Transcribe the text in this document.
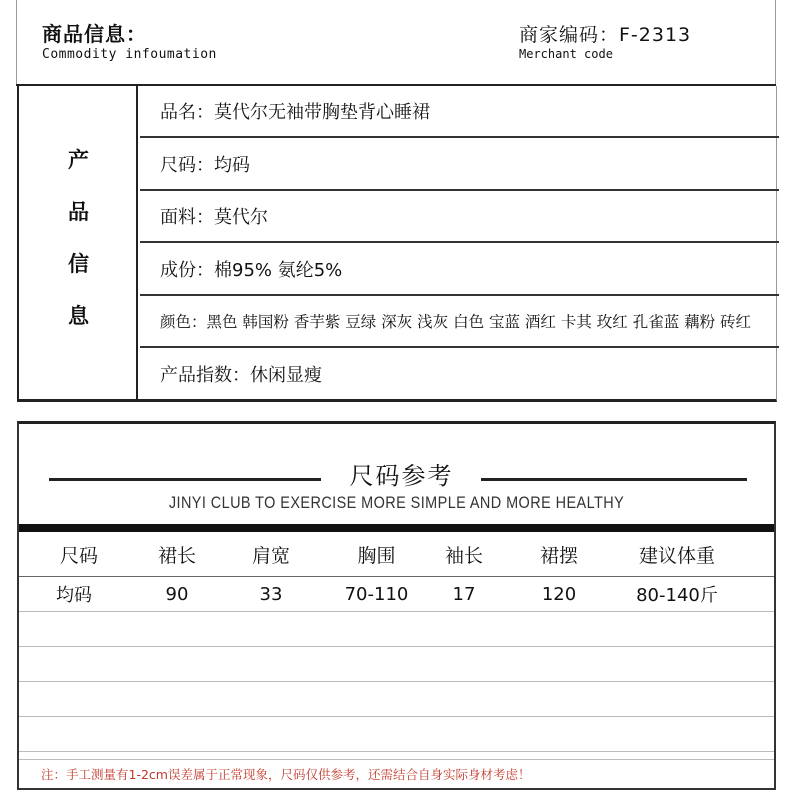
商品信息：
Commodity infoumation
商家编码：F-2313
Merchant code
产
品
信
息
品名：莫代尔无袖带胸垫背心睡裙
尺码：均码
面料：莫代尔
成份：棉95% 氨纶5%
颜色：黑色 韩国粉 香芋紫 豆绿 深灰 浅灰 白色 宝蓝 酒红 卡其 玫红 孔雀蓝 藕粉 砖红
产品指数：休闲显瘦
尺码参考
JINYI CLUB TO EXERCISE MORE SIMPLE AND MORE HEALTHY
尺码	裙长	肩宽	胸围	袖长	裙摆	建议体重
均码	90	33	70-110	17	120	80-140斤
注：手工测量有1-2cm误差属于正常现象，尺码仅供参考，还需结合自身实际身材考虑！
